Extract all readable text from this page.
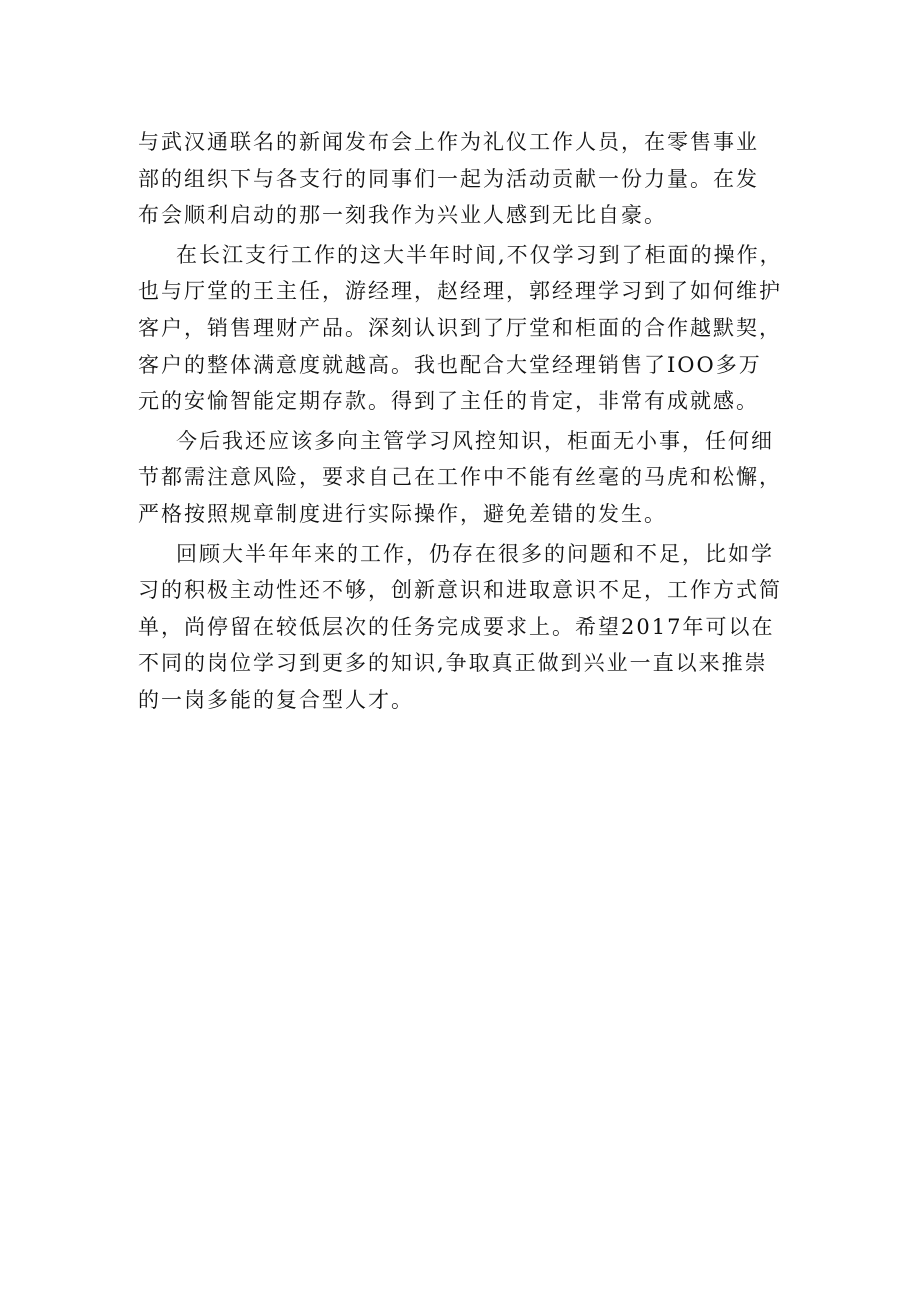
与武汉通联名的新闻发布会上作为礼仪工作人员，在零售事业
部的组织下与各支行的同事们一起为活动贡献一份力量。在发
布会顺利启动的那一刻我作为兴业人感到无比自豪。
在长江支行工作的这大半年时间,不仅学习到了柜面的操作，
也与厅堂的王主任，游经理，赵经理，郭经理学习到了如何维护
客户，销售理财产品。深刻认识到了厅堂和柜面的合作越默契，
客户的整体满意度就越高。我也配合大堂经理销售了IOO多万
元的安愉智能定期存款。得到了主任的肯定，非常有成就感。
今后我还应该多向主管学习风控知识，柜面无小事，任何细
节都需注意风险，要求自己在工作中不能有丝毫的马虎和松懈，
严格按照规章制度进行实际操作，避免差错的发生。
回顾大半年年来的工作，仍存在很多的问题和不足，比如学
习的积极主动性还不够，创新意识和进取意识不足，工作方式简
单，尚停留在较低层次的任务完成要求上。希望2017年可以在
不同的岗位学习到更多的知识,争取真正做到兴业一直以来推崇
的一岗多能的复合型人才。
